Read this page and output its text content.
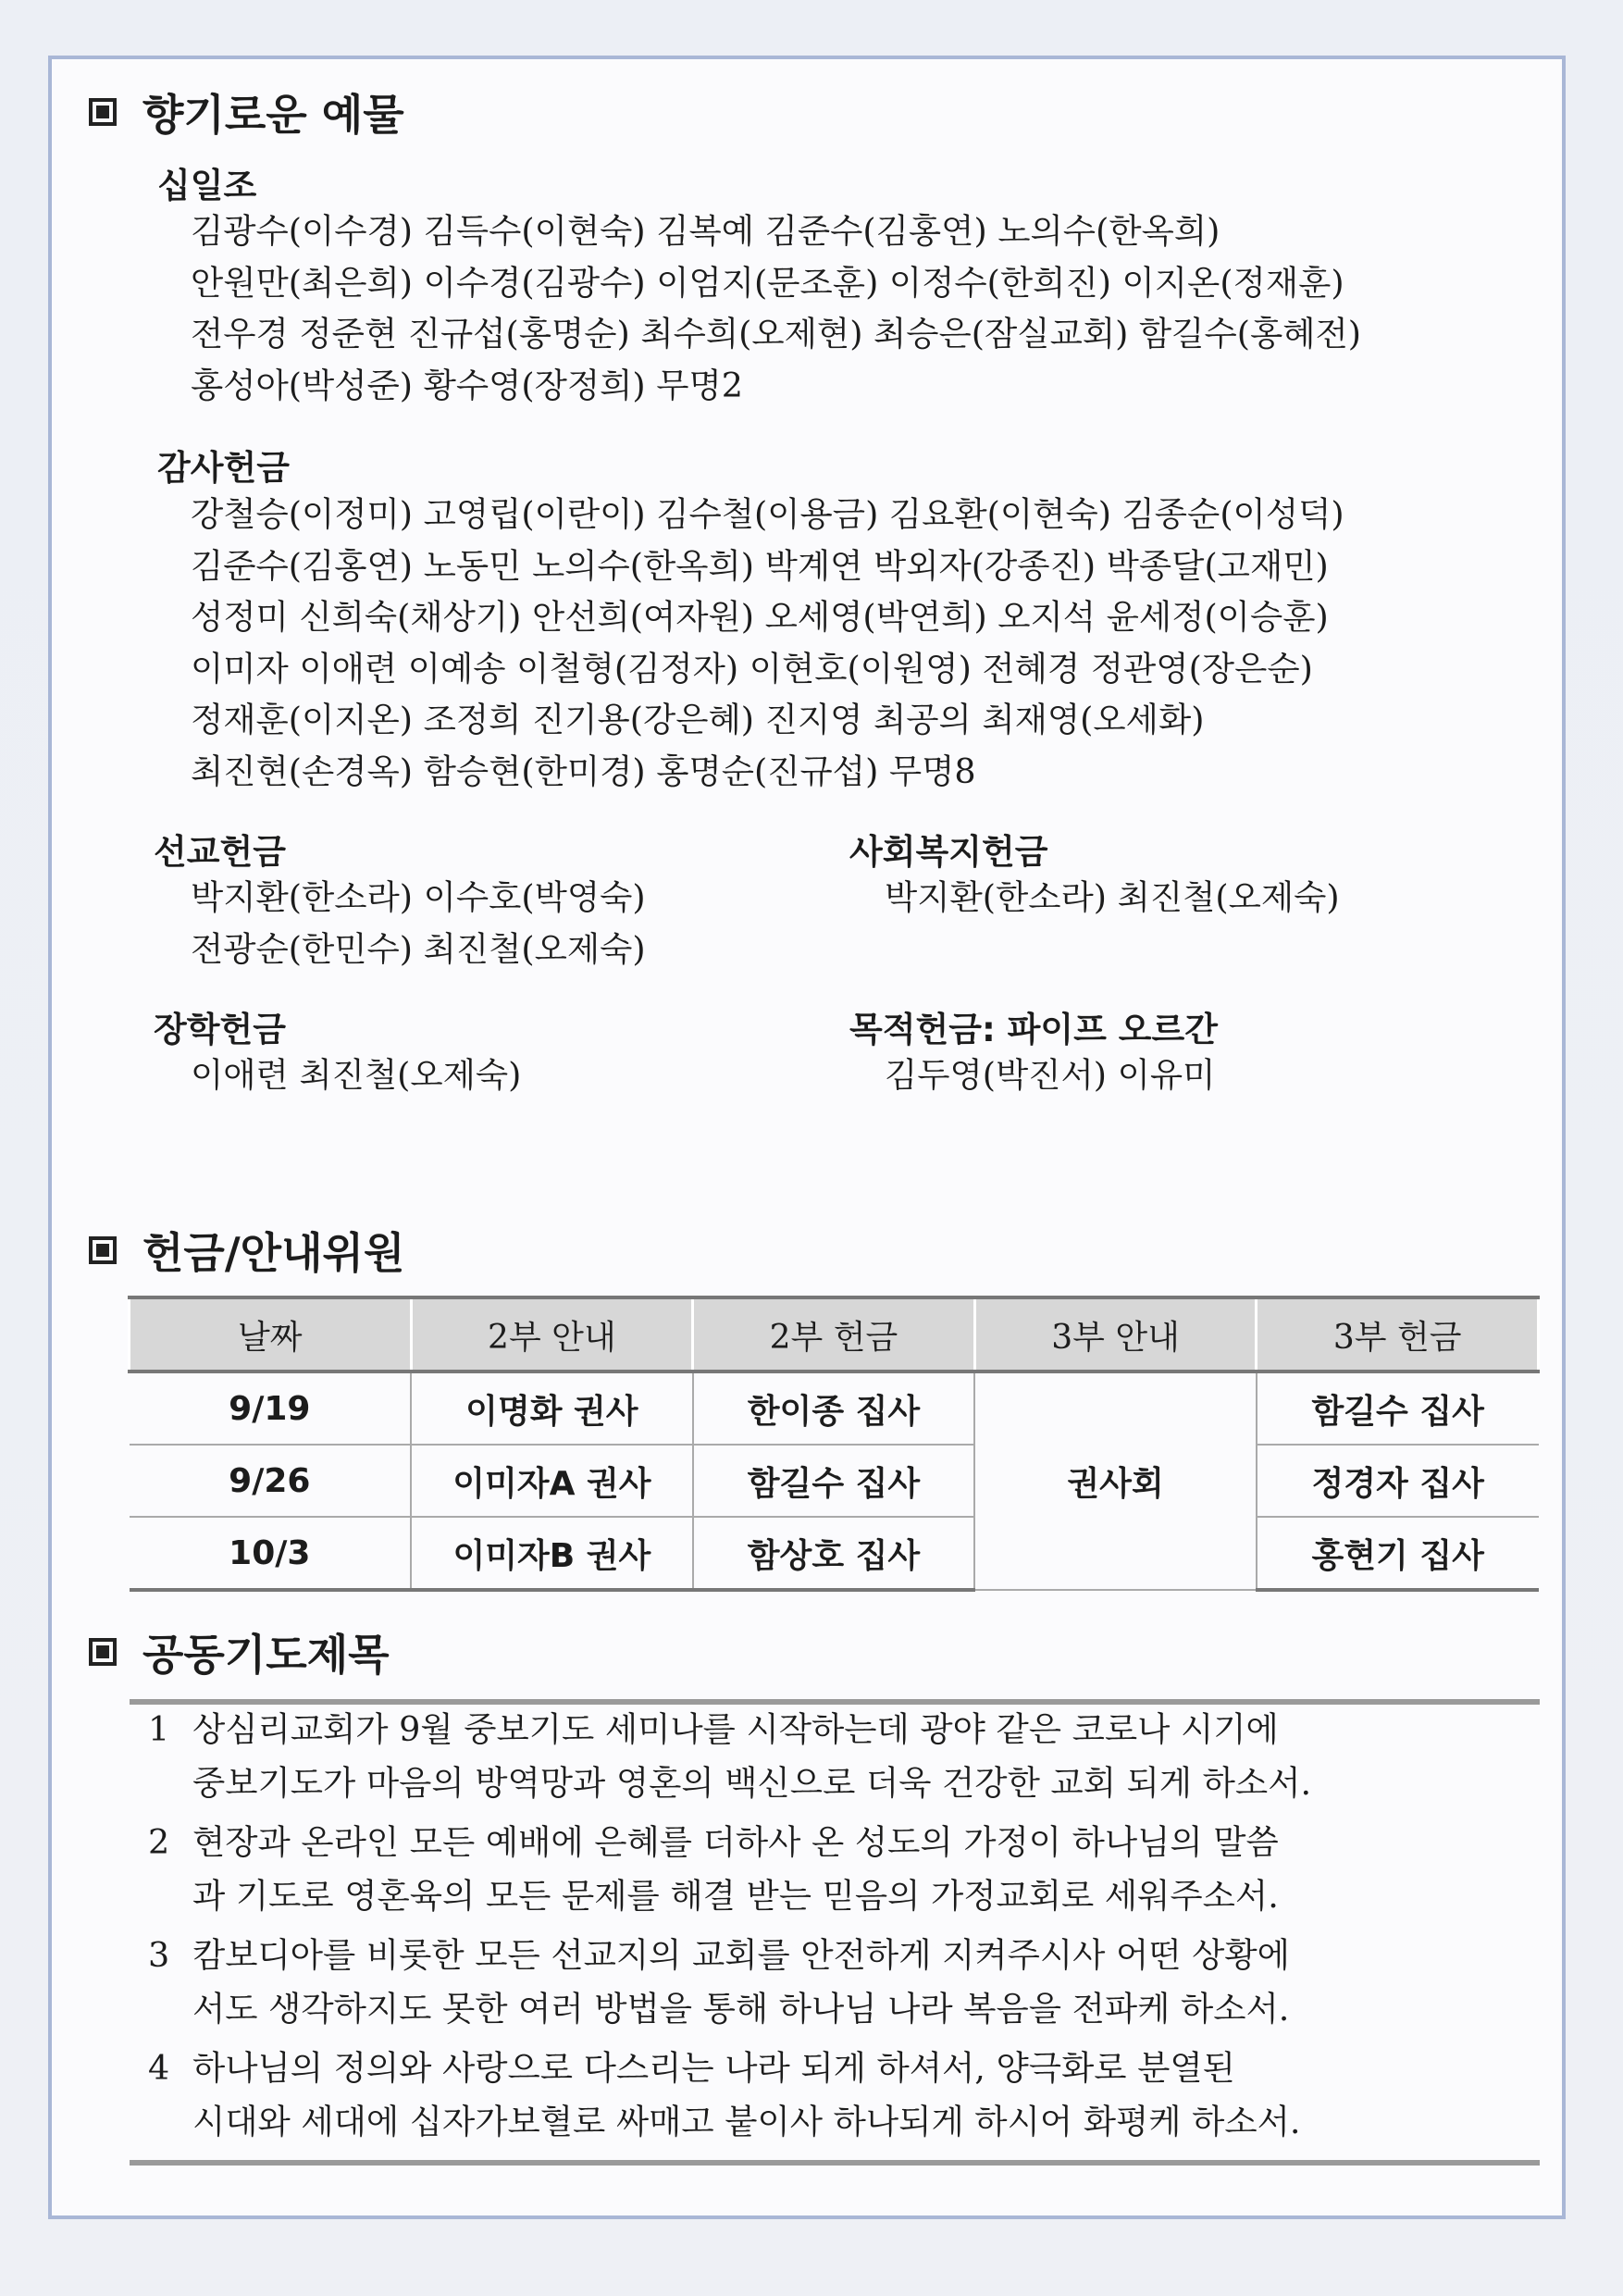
향기로운 예물
십일조
김광수(이수경) 김득수(이현숙) 김복예 김준수(김홍연) 노의수(한옥희)
안원만(최은희) 이수경(김광수) 이엄지(문조훈) 이정수(한희진) 이지온(정재훈)
전우경 정준현 진규섭(홍명순) 최수희(오제현) 최승은(잠실교회) 함길수(홍혜전)
홍성아(박성준) 황수영(장정희) 무명2
감사헌금
강철승(이정미) 고영립(이란이) 김수철(이용금) 김요환(이현숙) 김종순(이성덕)
김준수(김홍연) 노동민 노의수(한옥희) 박계연 박외자(강종진) 박종달(고재민)
성정미 신희숙(채상기) 안선희(여자원) 오세영(박연희) 오지석 윤세정(이승훈)
이미자 이애련 이예송 이철형(김정자) 이현호(이원영) 전혜경 정관영(장은순)
정재훈(이지온) 조정희 진기용(강은혜) 진지영 최공의 최재영(오세화)
최진현(손경옥) 함승현(한미경) 홍명순(진규섭) 무명8
선교헌금
박지환(한소라) 이수호(박영숙)
전광순(한민수) 최진철(오제숙)
사회복지헌금
박지환(한소라) 최진철(오제숙)
장학헌금
이애련 최진철(오제숙)
목적헌금: 파이프 오르간
김두영(박진서) 이유미
헌금/안내위원
날짜	2부 안내	2부 헌금	3부 안내	3부 헌금
9/19	이명화 권사	한이종 집사	권사회	함길수 집사
9/26	이미자A 권사	함길수 집사		정경자 집사
10/3	이미자B 권사	함상호 집사		홍현기 집사
공동기도제목
1 상심리교회가 9월 중보기도 세미나를 시작하는데 광야 같은 코로나 시기에
중보기도가 마음의 방역망과 영혼의 백신으로 더욱 건강한 교회 되게 하소서.
2 현장과 온라인 모든 예배에 은혜를 더하사 온 성도의 가정이 하나님의 말씀
과 기도로 영혼육의 모든 문제를 해결 받는 믿음의 가정교회로 세워주소서.
3 캄보디아를 비롯한 모든 선교지의 교회를 안전하게 지켜주시사 어떤 상황에
서도 생각하지도 못한 여러 방법을 통해 하나님 나라 복음을 전파케 하소서.
4 하나님의 정의와 사랑으로 다스리는 나라 되게 하셔서, 양극화로 분열된
시대와 세대에 십자가보혈로 싸매고 붙이사 하나되게 하시어 화평케 하소서.
